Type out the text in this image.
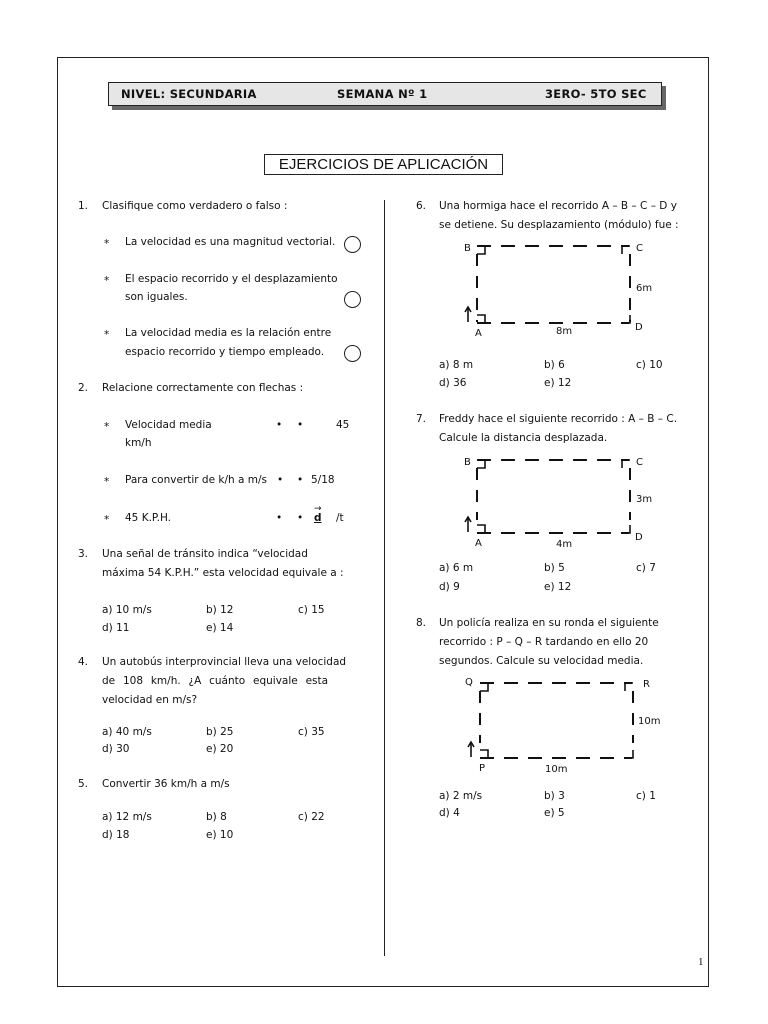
NIVEL: SECUNDARIA	SEMANA Nº 1	3ERO- 5TO SEC
EJERCICIOS DE APLICACIÓN
1. Clasifique como verdadero o falso :
* La velocidad es una magnitud vectorial.
* El espacio recorrido y el desplazamiento
son iguales.
* La velocidad media es la relación entre
espacio recorrido y tiempo empleado.
2. Relacione correctamente con flechas :
* Velocidad media	• •	45
km/h
* Para convertir de k/h a m/s • • 5/18
* 45 K.P.H.	• • d
→
/t
3. Una señal de tránsito indica “velocidad
máxima 54 K.P.H.” esta velocidad equivale a :
a) 10 m/s	b) 12	c) 15
d) 11	e) 14
4. Un autobús interprovincial lleva una velocidad
de 108 km/h. ¿A cuánto equivale esta
velocidad en m/s?
a) 40 m/s	b) 25	c) 35
d) 30	e) 20
5. Convertir 36 km/h a m/s
a) 12 m/s	b) 8	c) 22
d) 18	e) 10
6. Una hormiga hace el recorrido A – B – C – D y
se detiene. Su desplazamiento (módulo) fue :
B	C
A
D
6m
8m
a) 8 m	b) 6	c) 10
d) 36	e) 12
7. Freddy hace el siguiente recorrido : A – B – C.
Calcule la distancia desplazada.
B	C
A
D
3m
4m
a) 6 m	b) 5	c) 7
d) 9	e) 12
8. Un policía realiza en su ronda el siguiente
recorrido : P – Q – R tardando en ello 20
segundos. Calcule su velocidad media.
Q	R
P
10m
10m
a) 2 m/s	b) 3	c) 1
d) 4	e) 5
1
